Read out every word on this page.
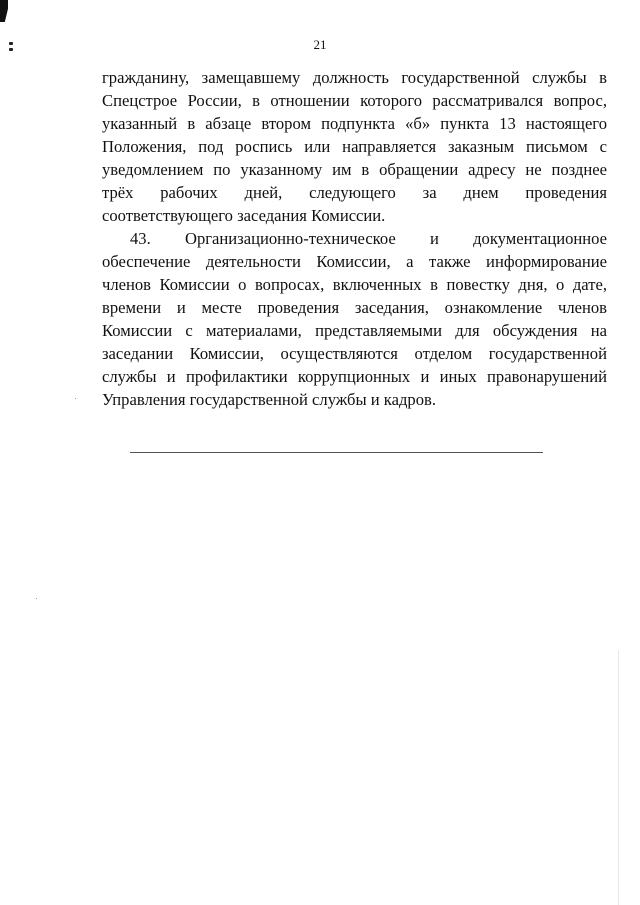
21
гражданину, замещавшему должность государственной службы в
Спецстрое России, в отношении которого рассматривался вопрос,
указанный в абзаце втором подпункта «б» пункта 13 настоящего
Положения, под роспись или направляется заказным письмом с
уведомлением по указанному им в обращении адресу не позднее
трёх рабочих дней, следующего за днем проведения
соответствующего заседания Комиссии.
43. Организационно-техническое и документационное
обеспечение деятельности Комиссии, а также информирование
членов Комиссии о вопросах, включенных в повестку дня, о дате,
времени и месте проведения заседания, ознакомление членов
Комиссии с материалами, представляемыми для обсуждения на
заседании Комиссии, осуществляются отделом государственной
службы и профилактики коррупционных и иных правонарушений
Управления государственной службы и кадров.
